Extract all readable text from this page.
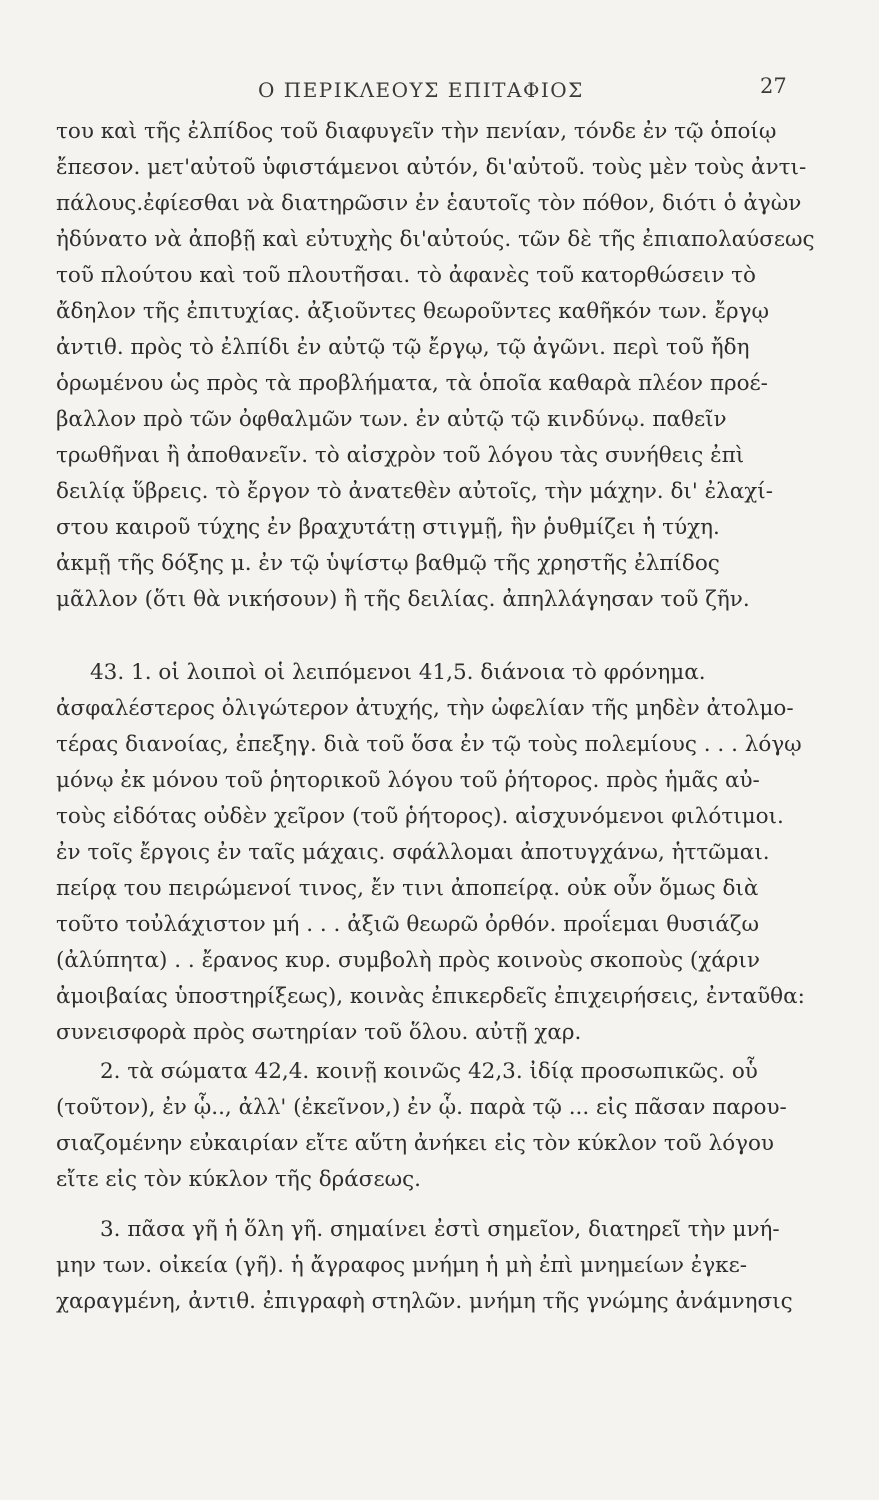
Ο ΠΕΡΙΚΛΕΟΥΣ ΕΠΙΤΑΦΙΟΣ	27
του καὶ τῆς ἐλπίδος τοῦ διαφυγεῖν τὴν πενίαν, τόνδε ἐν τῷ ὁποίῳ
ἔπεσον. μετ'αὐτοῦ ὑφιστάμενοι αὐτόν, δι'αὐτοῦ. τοὺς μὲν τοὺς ἀντι-
πάλους.ἐφίεσθαι νὰ διατηρῶσιν ἐν ἑαυτοῖς τὸν πόθον, διότι ὁ ἀγὼν
ἠδύνατο νὰ ἀποβῇ καὶ εὐτυχὴς δι'αὐτούς. τῶν δὲ τῆς ἐπιαπολαύσεως
τοῦ πλούτου καὶ τοῦ πλουτῆσαι. τὸ ἀφανὲς τοῦ κατορθώσειν τὸ
ἄδηλον τῆς ἐπιτυχίας. ἀξιοῦντες θεωροῦντες καθῆκόν των. ἔργῳ
ἀντιθ. πρὸς τὸ ἐλπίδι ἐν αὐτῷ τῷ ἔργῳ, τῷ ἀγῶνι. περὶ τοῦ ἤδη
ὁρωμένου ὡς πρὸς τὰ προβλήματα, τὰ ὁποῖα καθαρὰ πλέον προέ-
βαλλον πρὸ τῶν ὀφθαλμῶν των. ἐν αὐτῷ τῷ κινδύνῳ. παθεῖν
τρωθῆναι ἢ ἀποθανεῖν. τὸ αἰσχρὸν τοῦ λόγου τὰς συνήθεις ἐπὶ
δειλίᾳ ὕβρεις. τὸ ἔργον τὸ ἀνατεθὲν αὐτοῖς, τὴν μάχην. δι' ἐλαχί-
στου καιροῦ τύχης ἐν βραχυτάτῃ στιγμῇ, ἣν ῥυθμίζει ἡ τύχη.
ἀκμῇ τῆς δόξης μ. ἐν τῷ ὑψίστῳ βαθμῷ τῆς χρηστῆς ἐλπίδος
μᾶλλον (ὅτι θὰ νικήσουν) ἢ τῆς δειλίας. ἀπηλλάγησαν τοῦ ζῆν.
43. 1. οἱ λοιποὶ οἱ λειπόμενοι 41,5. διάνοια τὸ φρόνημα.
ἀσφαλέστερος ὀλιγώτερον ἀτυχής, τὴν ὠφελίαν τῆς μηδὲν ἀτολμο-
τέρας διανοίας, ἐπεξηγ. διὰ τοῦ ὅσα ἐν τῷ τοὺς πολεμίους . . . λόγῳ
μόνῳ ἐκ μόνου τοῦ ῥητορικοῦ λόγου τοῦ ῥήτορος. πρὸς ἡμᾶς αὐ-
τοὺς εἰδότας οὐδὲν χεῖρον (τοῦ ῥήτορος). αἰσχυνόμενοι φιλότιμοι.
ἐν τοῖς ἔργοις ἐν ταῖς μάχαις. σφάλλομαι ἀποτυγχάνω, ἡττῶμαι.
πείρᾳ του πειρώμενοί τινος, ἔν τινι ἀποπείρᾳ. οὐκ οὖν ὅμως διὰ
τοῦτο τοὐλάχιστον μή . . . ἀξιῶ θεωρῶ ὀρθόν. προΐεμαι θυσιάζω
(ἀλύπητα) . . ἔρανος κυρ. συμβολὴ πρὸς κοινοὺς σκοποὺς (χάριν
ἀμοιβαίας ὑποστηρίξεως), κοινὰς ἐπικερδεῖς ἐπιχειρήσεις, ἐνταῦθα:
συνεισφορὰ πρὸς σωτηρίαν τοῦ ὅλου. αὐτῇ χαρ.
2. τὰ σώματα 42,4. κοινῇ κοινῶς 42,3. ἰδίᾳ προσωπικῶς. οὗ
(τοῦτον), ἐν ᾧ.., ἀλλ' (ἐκεῖνον,) ἐν ᾧ. παρὰ τῷ ... εἰς πᾶσαν παρου-
σιαζομένην εὐκαιρίαν εἴτε αὕτη ἀνήκει εἰς τὸν κύκλον τοῦ λόγου
εἴτε εἰς τὸν κύκλον τῆς δράσεως.
3. πᾶσα γῆ ἡ ὅλη γῆ. σημαίνει ἐστὶ σημεῖον, διατηρεῖ τὴν μνή-
μην των. οἰκεία (γῆ). ἡ ἄγραφος μνήμη ἡ μὴ ἐπὶ μνημείων ἐγκε-
χαραγμένη, ἀντιθ. ἐπιγραφὴ στηλῶν. μνήμη τῆς γνώμης ἀνάμνησις
